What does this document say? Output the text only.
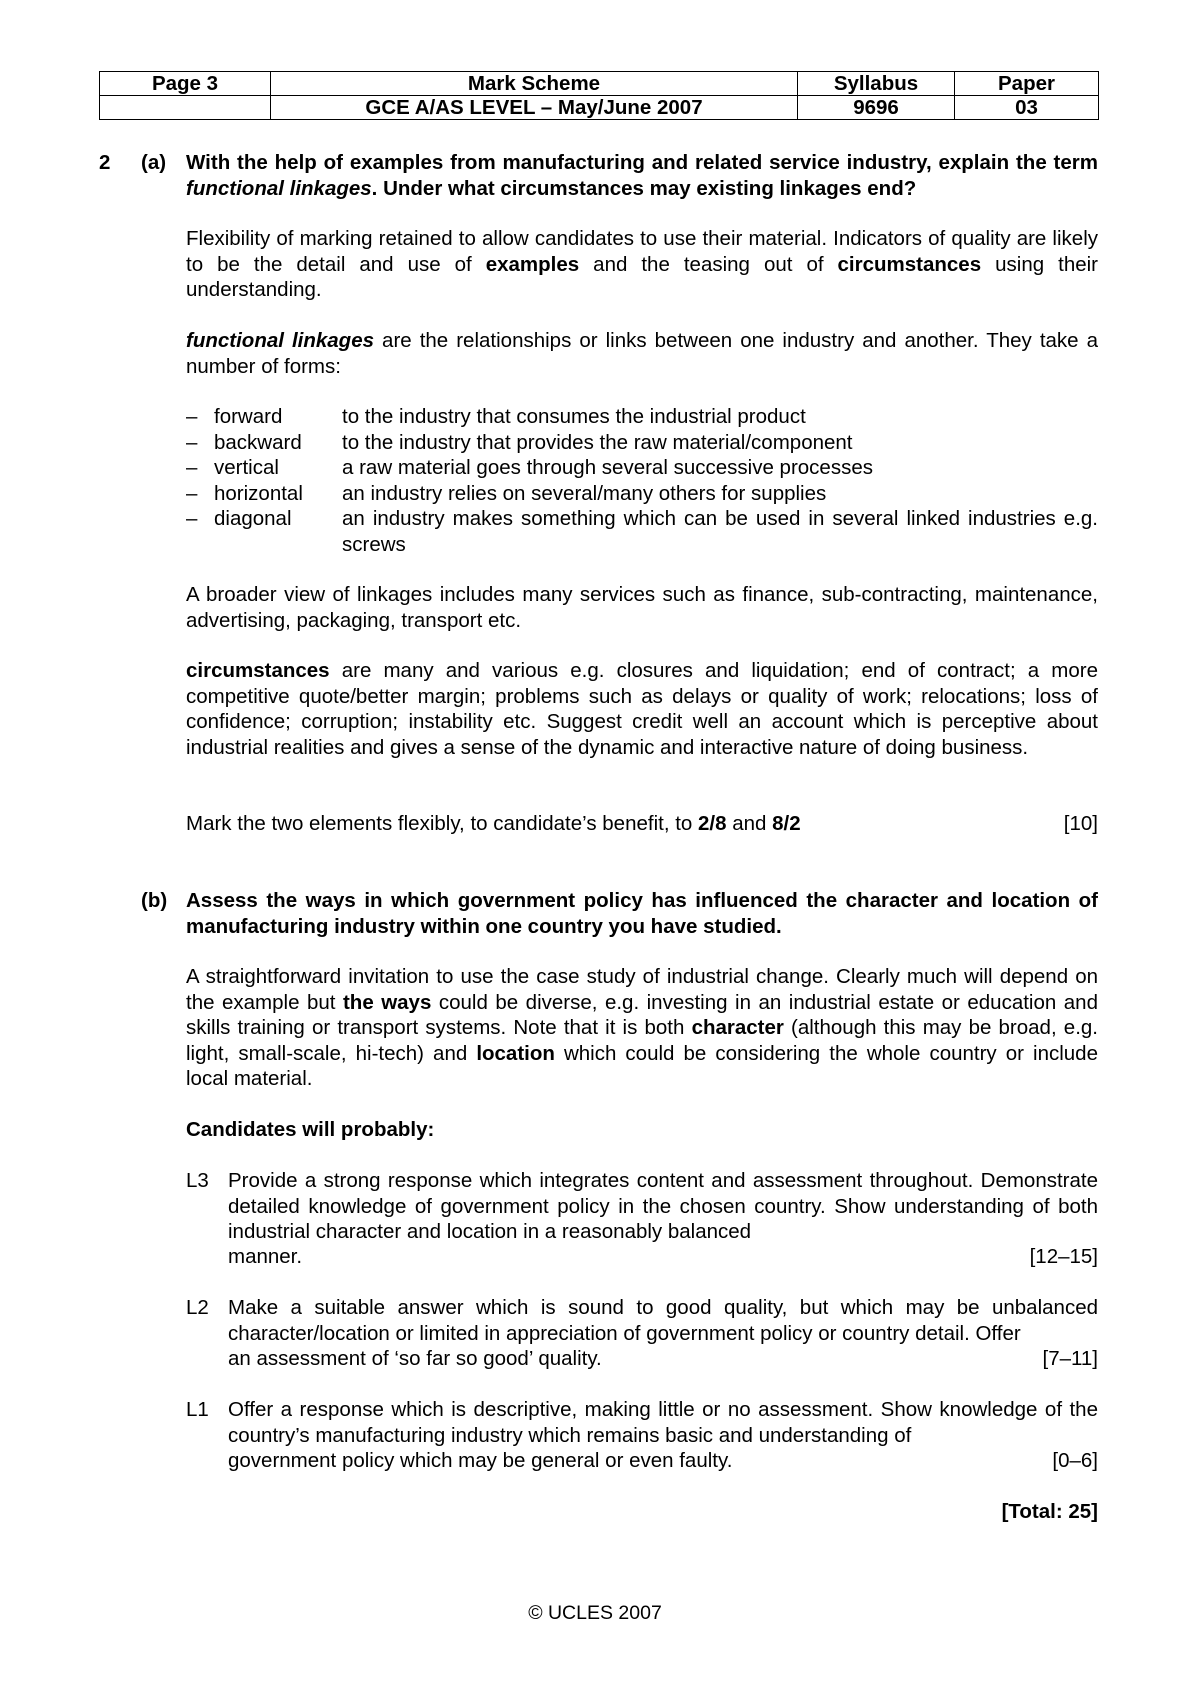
Page 3	Mark Scheme	Syllabus	Paper
	GCE A/AS LEVEL – May/June 2007	9696	03
2 (a) With the help of examples from manufacturing and related service industry, explain the term functional linkages. Under what circumstances may existing linkages end?
Flexibility of marking retained to allow candidates to use their material. Indicators of quality are likely to be the detail and use of examples and the teasing out of circumstances using their understanding.
functional linkages are the relationships or links between one industry and another. They take a number of forms:
– forward	to the industry that consumes the industrial product
– backward	to the industry that provides the raw material/component
– vertical	a raw material goes through several successive processes
– horizontal	an industry relies on several/many others for supplies
– diagonal	an industry makes something which can be used in several linked industries e.g. screws
A broader view of linkages includes many services such as finance, sub-contracting, maintenance, advertising, packaging, transport etc.
circumstances are many and various e.g. closures and liquidation; end of contract; a more competitive quote/better margin; problems such as delays or quality of work; relocations; loss of confidence; corruption; instability etc. Suggest credit well an account which is perceptive about industrial realities and gives a sense of the dynamic and interactive nature of doing business.
Mark the two elements flexibly, to candidate’s benefit, to 2/8 and 8/2	[10]
(b) Assess the ways in which government policy has influenced the character and location of manufacturing industry within one country you have studied.
A straightforward invitation to use the case study of industrial change. Clearly much will depend on the example but the ways could be diverse, e.g. investing in an industrial estate or education and skills training or transport systems. Note that it is both character (although this may be broad, e.g. light, small-scale, hi-tech) and location which could be considering the whole country or include local material.
Candidates will probably:
L3 Provide a strong response which integrates content and assessment throughout. Demonstrate detailed knowledge of government policy in the chosen country. Show understanding of both industrial character and location in a reasonably balanced
manner.	[12–15]
L2 Make a suitable answer which is sound to good quality, but which may be unbalanced character/location or limited in appreciation of government policy or country detail. Offer
an assessment of ‘so far so good’ quality.	[7–11]
L1 Offer a response which is descriptive, making little or no assessment. Show knowledge of the country’s manufacturing industry which remains basic and understanding of
government policy which may be general or even faulty.	[0–6]
[Total: 25]
© UCLES 2007
